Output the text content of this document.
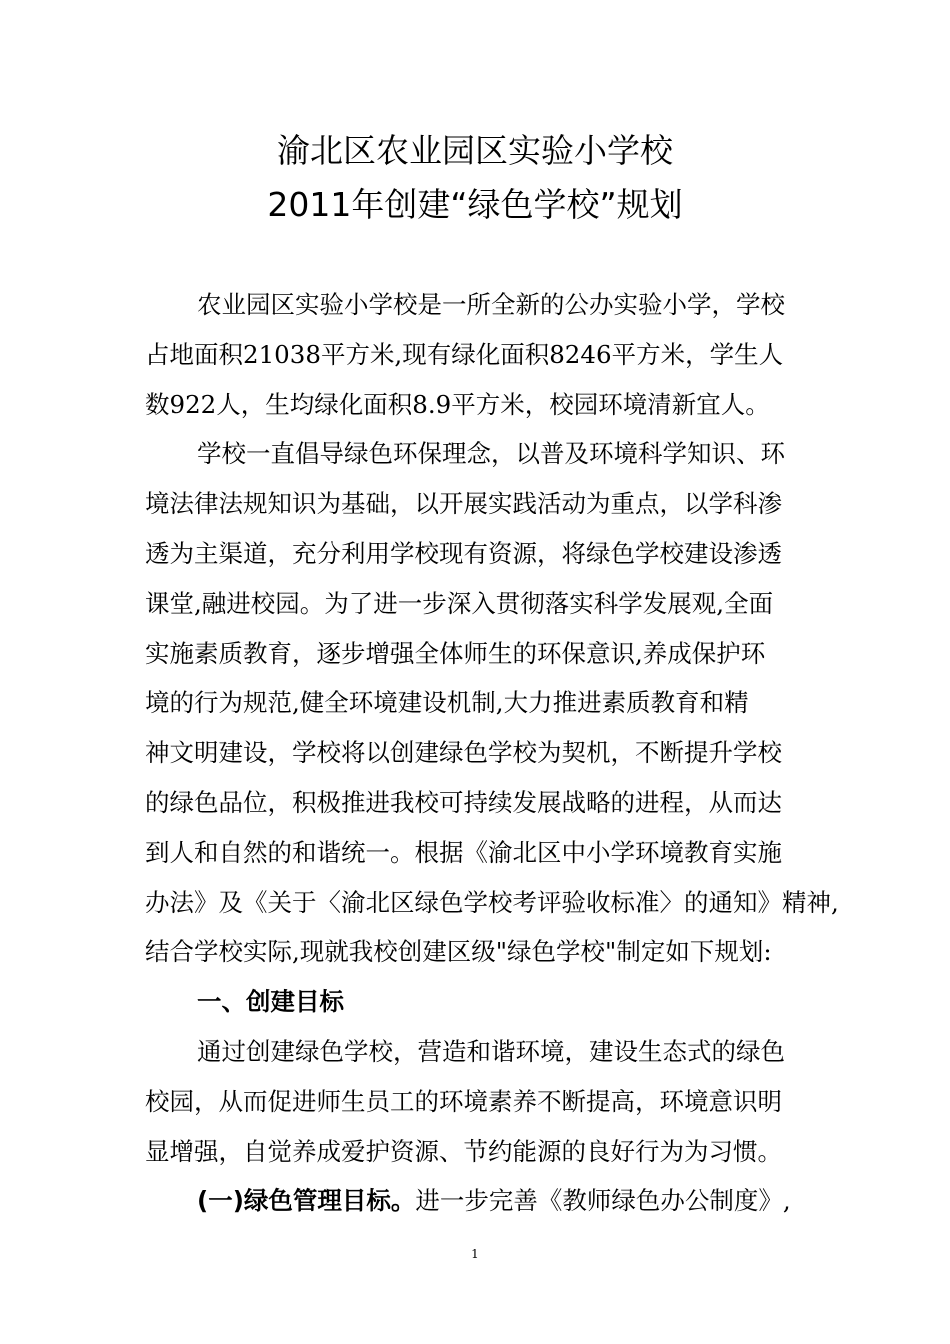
渝北区农业园区实验小学校
2011年创建“绿色学校”规划
农业园区实验小学校是一所全新的公办实验小学，学校
占地面积21038平方米,现有绿化面积8246平方米，学生人
数922人，生均绿化面积8.9平方米，校园环境清新宜人。
学校一直倡导绿色环保理念，以普及环境科学知识、环
境法律法规知识为基础，以开展实践活动为重点，以学科渗
透为主渠道，充分利用学校现有资源，将绿色学校建设渗透
课堂,融进校园。为了进一步深入贯彻落实科学发展观,全面
实施素质教育，逐步增强全体师生的环保意识,养成保护环
境的行为规范,健全环境建设机制,大力推进素质教育和精
神文明建设，学校将以创建绿色学校为契机，不断提升学校
的绿色品位，积极推进我校可持续发展战略的进程，从而达
到人和自然的和谐统一。根据《渝北区中小学环境教育实施
办法》及《关于〈渝北区绿色学校考评验收标准〉的通知》精神,
结合学校实际,现就我校创建区级"绿色学校"制定如下规划:
一、创建目标
通过创建绿色学校，营造和谐环境，建设生态式的绿色
校园，从而促进师生员工的环境素养不断提高，环境意识明
显增强，自觉养成爱护资源、节约能源的良好行为为习惯。
(一)绿色管理目标。进一步完善《教师绿色办公制度》,
1
